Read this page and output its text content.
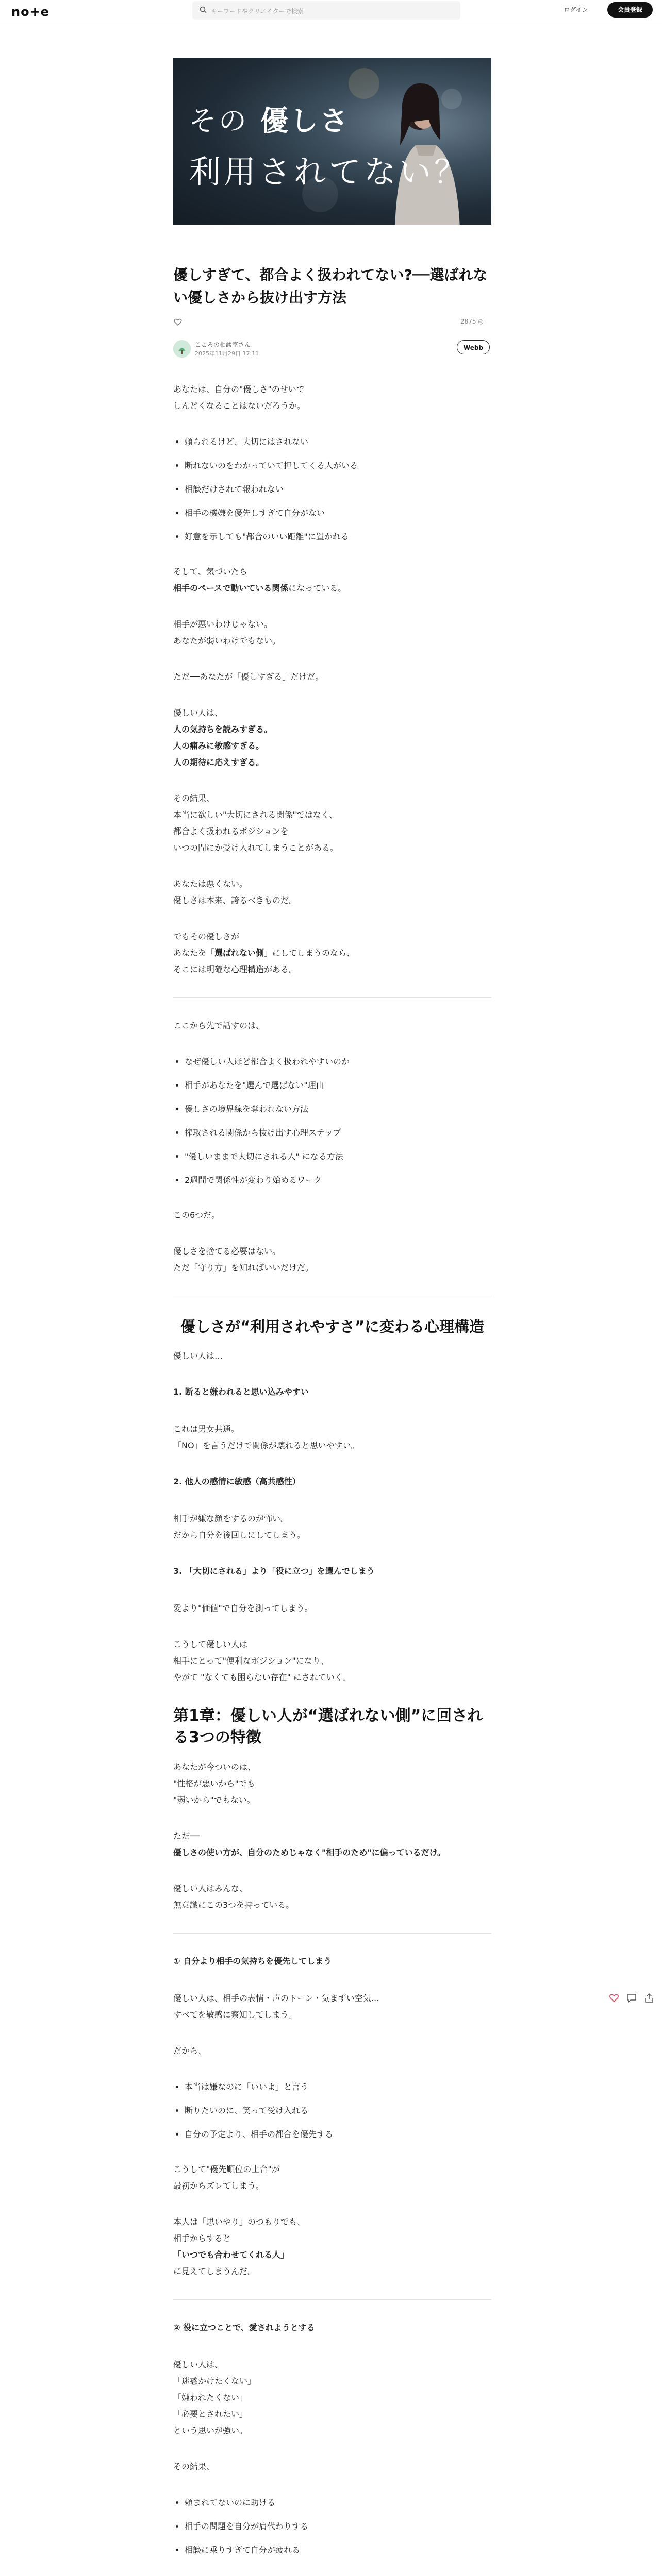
no+e	キーワードやクリエイターで検索	ログイン	会員登録
その 優しさ
利用されてない？
優しすぎて、都合よく扱われてない?──選ばれない優しさから抜け出す方法
2875 ◎
こころの相談室さん
2025年11月29日 17:11
Webb

あなたは、自分の"優しさ"のせいで
しんどくなることはないだろうか。

• 頼られるけど、大切にはされない
• 断れないのをわかっていて押してくる人がいる
• 相談だけされて報われない
• 相手の機嫌を優先しすぎて自分がない
• 好意を示しても"都合のいい距離"に置かれる

そして、気づいたら
相手のペースで動いている関係になっている。

相手が悪いわけじゃない。
あなたが弱いわけでもない。

ただ──あなたが「優しすぎる」だけだ。

優しい人は、
人の気持ちを読みすぎる。
人の痛みに敏感すぎる。
人の期待に応えすぎる。

その結果、
本当に欲しい"大切にされる関係"ではなく、
都合よく扱われるポジションを
いつの間にか受け入れてしまうことがある。

あなたは悪くない。
優しさは本来、誇るべきものだ。

でもその優しさが
あなたを「選ばれない側」にしてしまうのなら、
そこには明確な心理構造がある。

ここから先で話すのは、

• なぜ優しい人ほど都合よく扱われやすいのか
• 相手があなたを"選んで選ばない"理由
• 優しさの境界線を奪われない方法
• 搾取される関係から抜け出す心理ステップ
• "優しいままで大切にされる人" になる方法
• 2週間で関係性が変わり始めるワーク

この6つだ。

優しさを捨てる必要はない。
ただ「守り方」を知ればいいだけだ。

優しさが“利用されやすさ”に変わる心理構造

優しい人は…

1. 断ると嫌われると思い込みやすい

これは男女共通。
「NO」を言うだけで関係が壊れると思いやすい。

2. 他人の感情に敏感（高共感性）

相手が嫌な顔をするのが怖い。
だから自分を後回しにしてしまう。

3. 「大切にされる」より「役に立つ」を選んでしまう

愛より"価値"で自分を測ってしまう。

こうして優しい人は
相手にとって"便利なポジション"になり、
やがて "なくても困らない存在" にされていく。

第1章：優しい人が“選ばれない側”に回される3つの特徴

あなたが今ついのは、
"性格が悪いから"でも
"弱いから"でもない。

ただ──
優しさの使い方が、自分のためじゃなく"相手のため"に偏っているだけ。

優しい人はみんな、
無意識にこの3つを持っている。

① 自分より相手の気持ちを優先してしまう

優しい人は、相手の表情・声のトーン・気まずい空気…
すべてを敏感に察知してしまう。

だから、

• 本当は嫌なのに「いいよ」と言う
• 断りたいのに、笑って受け入れる
• 自分の予定より、相手の都合を優先する

こうして"優先順位の土台"が
最初からズレてしまう。

本人は「思いやり」のつもりでも、
相手からすると
「いつでも合わせてくれる人」
に見えてしまうんだ。

② 役に立つことで、愛されようとする

優しい人は、
「迷惑かけたくない」
「嫌われたくない」
「必要とされたい」
という思いが強い。

その結果、

• 頼まれてないのに助ける
• 相手の問題を自分が肩代わりする
• 相談に乗りすぎて自分が疲れる
